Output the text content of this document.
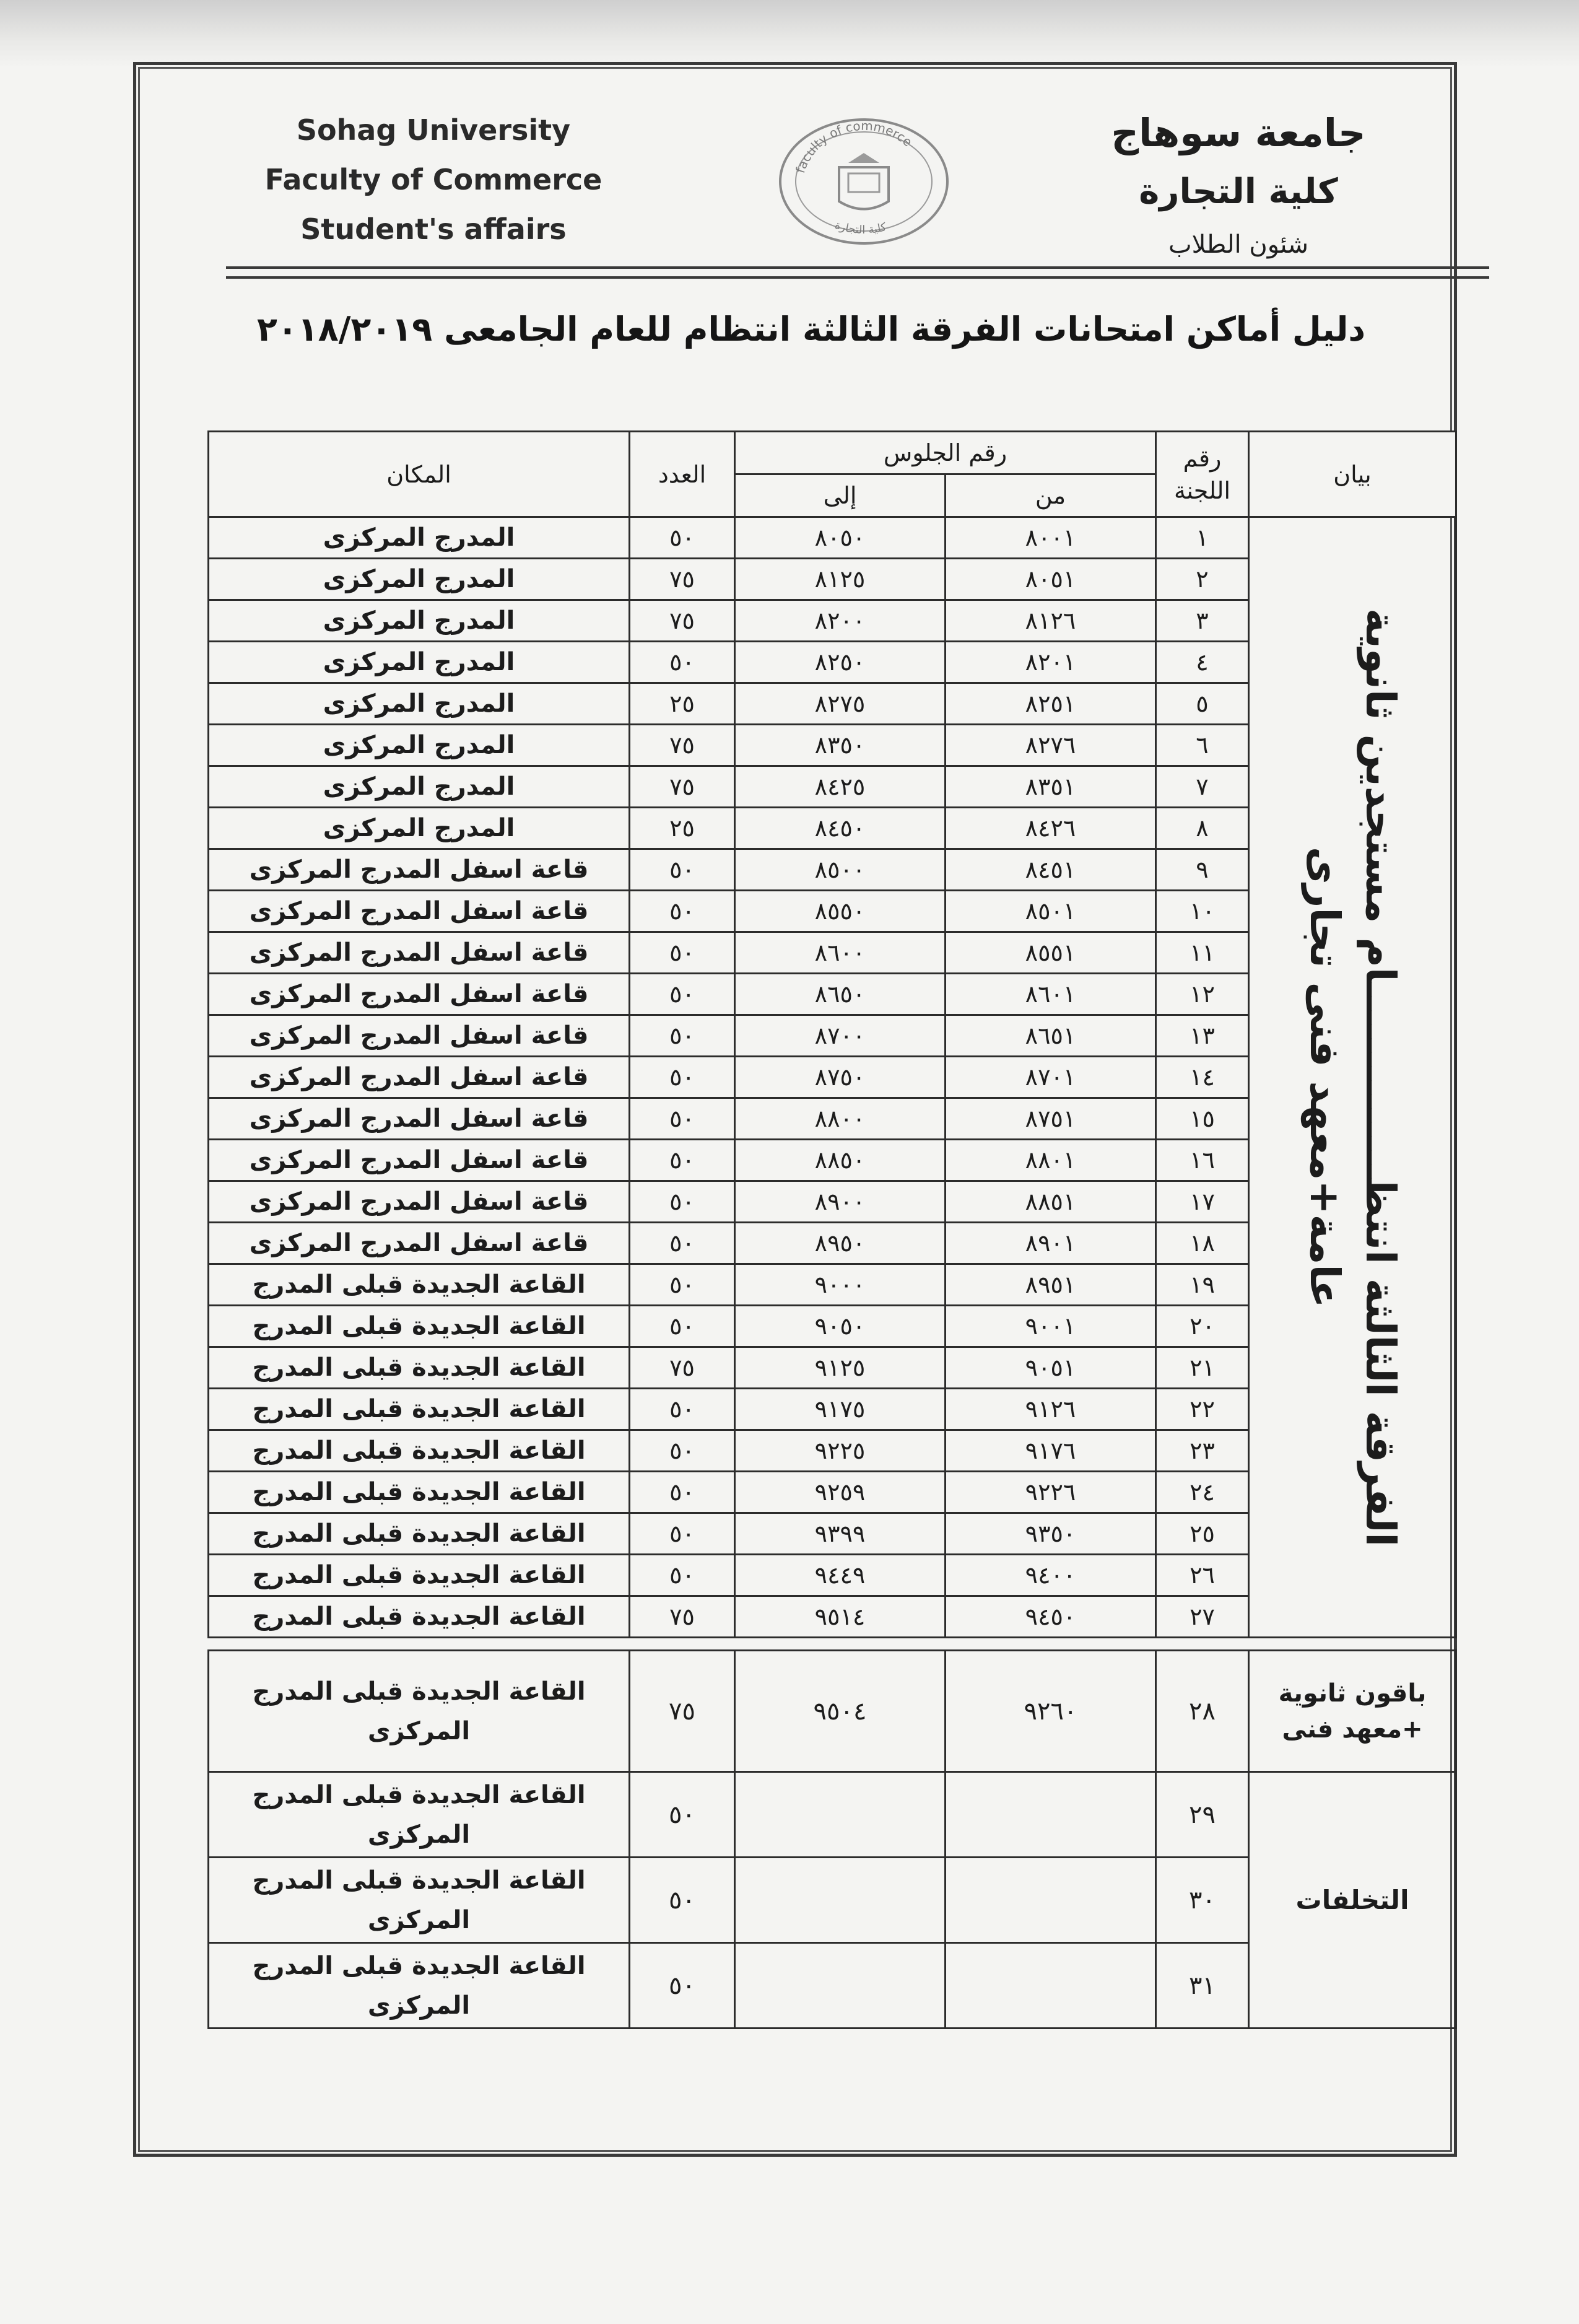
Sohag University
Faculty of Commerce
Student's affairs
faculty of commerce
كلية التجارة
جامعة سوهاج
كلية التجارة
شئون الطلاب
دليل أماكن امتحانات الفرقة الثالثة انتظام للعام الجامعى ٢٠١٨/٢٠١٩
بيان	رقم اللجنة	رقم الجلوس		العدد	المكان
		من	إلى		

الفرقة الثالثة انتظــــــــــــــام مستجدين ثانوية عامة+معهد فنى تجارى	١	٨٠٠١	٨٠٥٠	٥٠	المدرج المركزى
	٢	٨٠٥١	٨١٢٥	٧٥	المدرج المركزى
	٣	٨١٢٦	٨٢٠٠	٧٥	المدرج المركزى
	٤	٨٢٠١	٨٢٥٠	٥٠	المدرج المركزى
	٥	٨٢٥١	٨٢٧٥	٢٥	المدرج المركزى
	٦	٨٢٧٦	٨٣٥٠	٧٥	المدرج المركزى
	٧	٨٣٥١	٨٤٢٥	٧٥	المدرج المركزى
	٨	٨٤٢٦	٨٤٥٠	٢٥	المدرج المركزى
	٩	٨٤٥١	٨٥٠٠	٥٠	قاعة اسفل المدرج المركزى
	١٠	٨٥٠١	٨٥٥٠	٥٠	قاعة اسفل المدرج المركزى
	١١	٨٥٥١	٨٦٠٠	٥٠	قاعة اسفل المدرج المركزى
	١٢	٨٦٠١	٨٦٥٠	٥٠	قاعة اسفل المدرج المركزى
	١٣	٨٦٥١	٨٧٠٠	٥٠	قاعة اسفل المدرج المركزى
	١٤	٨٧٠١	٨٧٥٠	٥٠	قاعة اسفل المدرج المركزى
	١٥	٨٧٥١	٨٨٠٠	٥٠	قاعة اسفل المدرج المركزى
	١٦	٨٨٠١	٨٨٥٠	٥٠	قاعة اسفل المدرج المركزى
	١٧	٨٨٥١	٨٩٠٠	٥٠	قاعة اسفل المدرج المركزى
	١٨	٨٩٠١	٨٩٥٠	٥٠	قاعة اسفل المدرج المركزى
	١٩	٨٩٥١	٩٠٠٠	٥٠	القاعة الجديدة قبلى المدرج
	٢٠	٩٠٠١	٩٠٥٠	٥٠	القاعة الجديدة قبلى المدرج
	٢١	٩٠٥١	٩١٢٥	٧٥	القاعة الجديدة قبلى المدرج
	٢٢	٩١٢٦	٩١٧٥	٥٠	القاعة الجديدة قبلى المدرج
	٢٣	٩١٧٦	٩٢٢٥	٥٠	القاعة الجديدة قبلى المدرج
	٢٤	٩٢٢٦	٩٢٥٩	٥٠	القاعة الجديدة قبلى المدرج
	٢٥	٩٣٥٠	٩٣٩٩	٥٠	القاعة الجديدة قبلى المدرج
	٢٦	٩٤٠٠	٩٤٤٩	٥٠	القاعة الجديدة قبلى المدرج
	٢٧	٩٤٥٠	٩٥١٤	٧٥	القاعة الجديدة قبلى المدرج

باقون ثانوية +معهد فنى	٢٨	٩٢٦٠	٩٥٠٤	٧٥	القاعة الجديدة قبلى المدرج المركزى
التخلفات	٢٩			٥٠	القاعة الجديدة قبلى المدرج المركزى
	٣٠			٥٠	القاعة الجديدة قبلى المدرج المركزى
	٣١			٥٠	القاعة الجديدة قبلى المدرج المركزى
